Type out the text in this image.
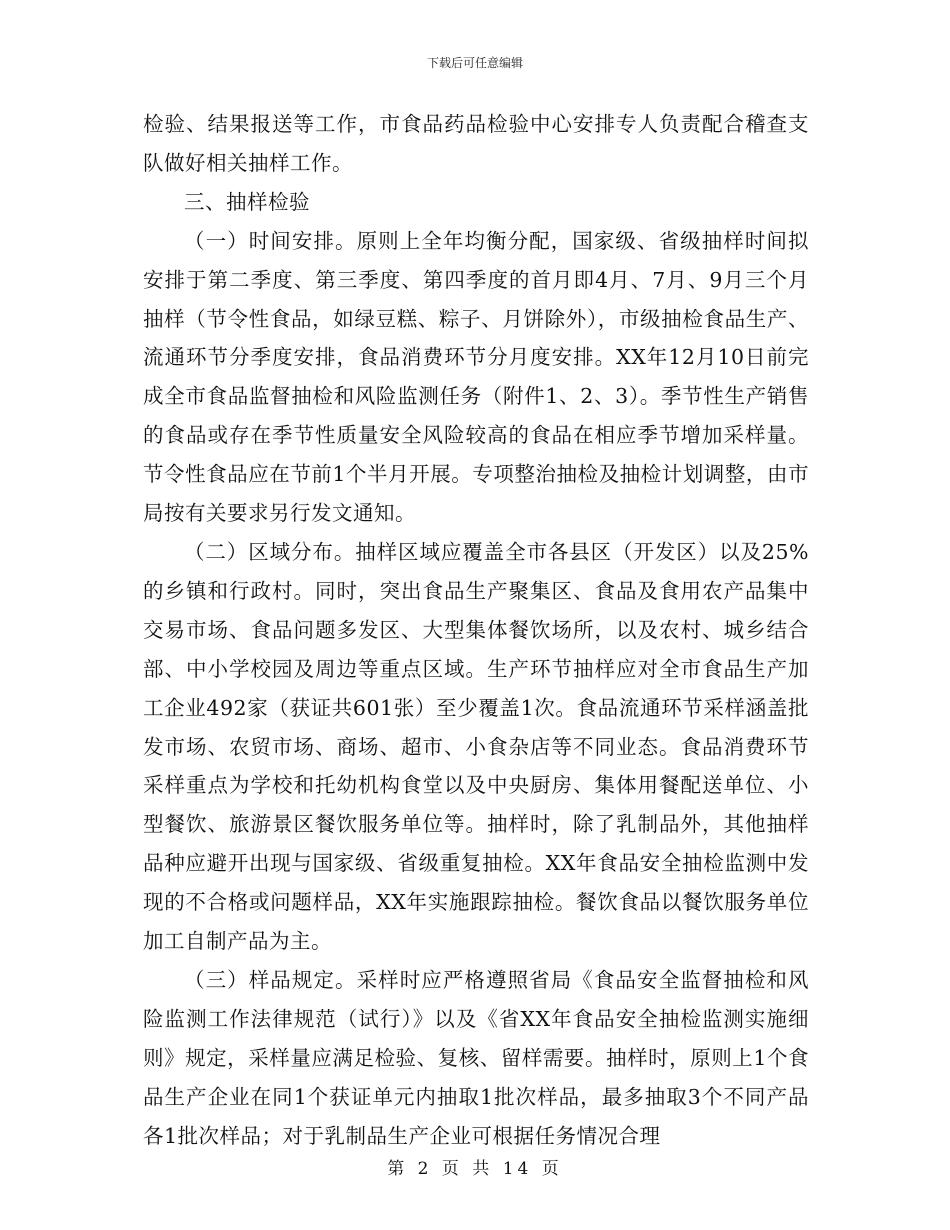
下载后可任意编辑

检验、结果报送等工作，市食品药品检验中心安排专人负责配合稽查支队做好相关抽样工作。

三、抽样检验

（一）时间安排。原则上全年均衡分配，国家级、省级抽样时间拟安排于第二季度、第三季度、第四季度的首月即4月、7月、9月三个月抽样（节令性食品，如绿豆糕、粽子、月饼除外），市级抽检食品生产、流通环节分季度安排，食品消费环节分月度安排。XX年12月10日前完成全市食品监督抽检和风险监测任务（附件1、2、3）。季节性生产销售的食品或存在季节性质量安全风险较高的食品在相应季节增加采样量。节令性食品应在节前1个半月开展。专项整治抽检及抽检计划调整，由市局按有关要求另行发文通知。

（二）区域分布。抽样区域应覆盖全市各县区（开发区）以及25%的乡镇和行政村。同时，突出食品生产聚集区、食品及食用农产品集中交易市场、食品问题多发区、大型集体餐饮场所，以及农村、城乡结合部、中小学校园及周边等重点区域。生产环节抽样应对全市食品生产加工企业492家（获证共601张）至少覆盖1次。食品流通环节采样涵盖批发市场、农贸市场、商场、超市、小食杂店等不同业态。食品消费环节采样重点为学校和托幼机构食堂以及中央厨房、集体用餐配送单位、小型餐饮、旅游景区餐饮服务单位等。抽样时，除了乳制品外，其他抽样品种应避开出现与国家级、省级重复抽检。XX年食品安全抽检监测中发现的不合格或问题样品，XX年实施跟踪抽检。餐饮食品以餐饮服务单位加工自制产品为主。

（三）样品规定。采样时应严格遵照省局《食品安全监督抽检和风险监测工作法律规范（试行）》以及《省XX年食品安全抽检监测实施细则》规定，采样量应满足检验、复核、留样需要。抽样时，原则上1个食品生产企业在同1个获证单元内抽取1批次样品，最多抽取3个不同产品各1批次样品；对于乳制品生产企业可根据任务情况合理

第 2 页 共 14 页
